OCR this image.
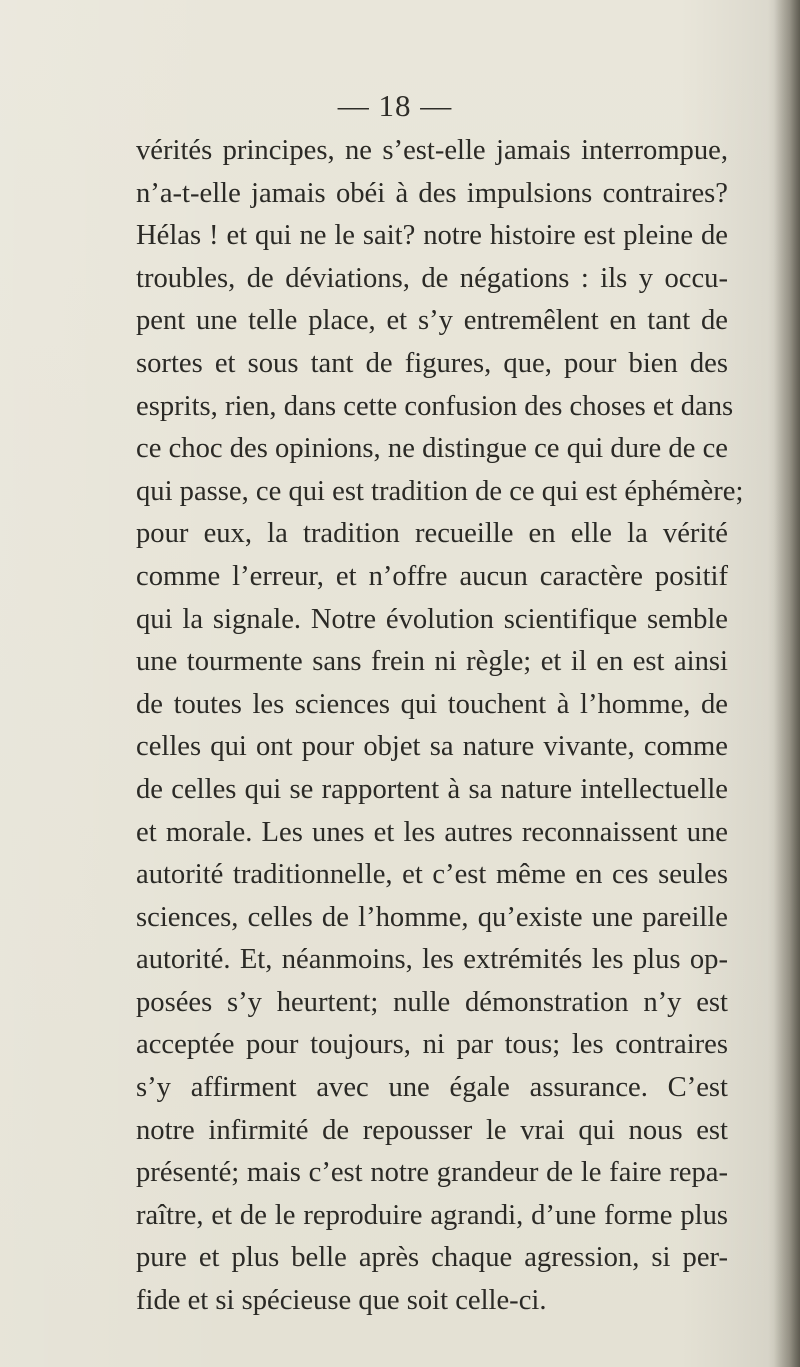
— 18 —
vérités principes, ne s’est-elle jamais interrompue,
n’a-t-elle jamais obéi à des impulsions contraires?
Hélas ! et qui ne le sait? notre histoire est pleine de
troubles, de déviations, de négations : ils y occu-
pent une telle place, et s’y entremêlent en tant de
sortes et sous tant de figures, que, pour bien des
esprits, rien, dans cette confusion des choses et dans
ce choc des opinions, ne distingue ce qui dure de ce
qui passe, ce qui est tradition de ce qui est éphémère;
pour eux, la tradition recueille en elle la vérité
comme l’erreur, et n’offre aucun caractère positif
qui la signale. Notre évolution scientifique semble
une tourmente sans frein ni règle; et il en est ainsi
de toutes les sciences qui touchent à l’homme, de
celles qui ont pour objet sa nature vivante, comme
de celles qui se rapportent à sa nature intellectuelle
et morale. Les unes et les autres reconnaissent une
autorité traditionnelle, et c’est même en ces seules
sciences, celles de l’homme, qu’existe une pareille
autorité. Et, néanmoins, les extrémités les plus op-
posées s’y heurtent; nulle démonstration n’y est
acceptée pour toujours, ni par tous; les contraires
s’y affirment avec une égale assurance. C’est
notre infirmité de repousser le vrai qui nous est
présenté; mais c’est notre grandeur de le faire repa-
raître, et de le reproduire agrandi, d’une forme plus
pure et plus belle après chaque agression, si per-
fide et si spécieuse que soit celle-ci.
